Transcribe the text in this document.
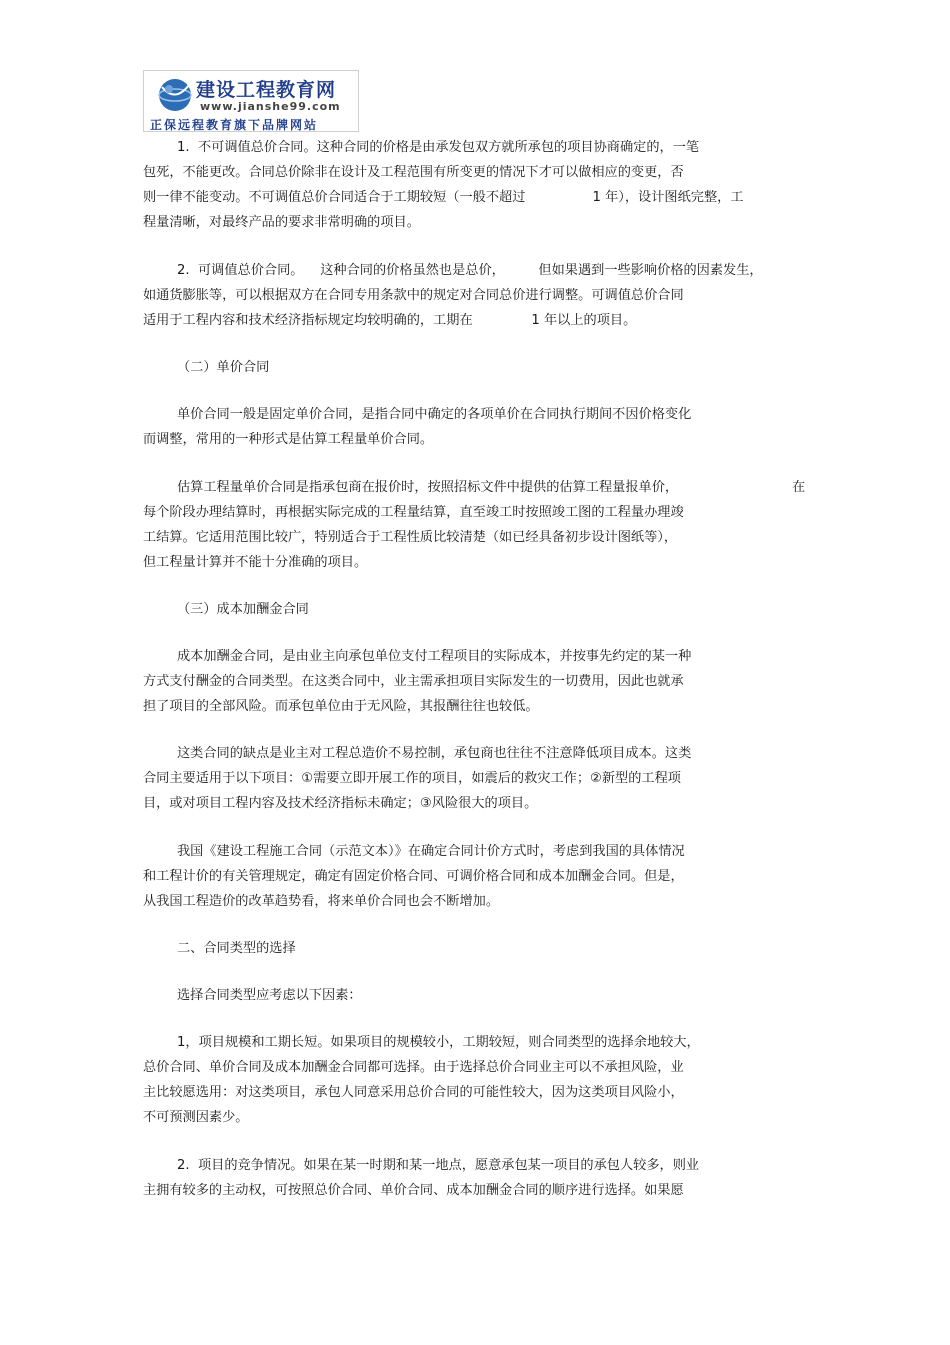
建设工程教育网
www.jianshe99.com
正保远程教育旗下品牌网站
1.  不可调值总价合同。这种合同的价格是由承发包双方就所承包的项目协商确定的，一笔
包死，不能更改。合同总价除非在设计及工程范围有所变更的情况下才可以做相应的变更，否
则一律不能变动。不可调值总价合同适合于工期较短（一般不超过                1 年），设计图纸完整，工
程量清晰，对最终产品的要求非常明确的项目。
2.  可调值总价合同。    这种合同的价格虽然也是总价，        但如果遇到一些影响价格的因素发生，
如通货膨胀等，可以根据双方在合同专用条款中的规定对合同总价进行调整。可调值总价合同
适用于工程内容和技术经济指标规定均较明确的，工期在              1 年以上的项目。
（二）单价合同
单价合同一般是固定单价合同，是指合同中确定的各项单价在合同执行期间不因价格变化
而调整，常用的一种形式是估算工程量单价合同。
估算工程量单价合同是指承包商在报价时，按照招标文件中提供的估算工程量报单价，	在
每个阶段办理结算时，再根据实际完成的工程量结算，直至竣工时按照竣工图的工程量办理竣
工结算。它适用范围比较广，特别适合于工程性质比较清楚（如已经具备初步设计图纸等），
但工程量计算并不能十分准确的项目。
（三）成本加酬金合同
成本加酬金合同，是由业主向承包单位支付工程项目的实际成本，并按事先约定的某一种
方式支付酬金的合同类型。在这类合同中，业主需承担项目实际发生的一切费用，因此也就承
担了项目的全部风险。而承包单位由于无风险，其报酬往往也较低。
这类合同的缺点是业主对工程总造价不易控制，承包商也往往不注意降低项目成本。这类
合同主要适用于以下项目：①需要立即开展工作的项目，如震后的救灾工作；②新型的工程项
目，或对项目工程内容及技术经济指标未确定；③风险很大的项目。
我国《建设工程施工合同（示范文本）》在确定合同计价方式时，考虑到我国的具体情况
和工程计价的有关管理规定，确定有固定价格合同、可调价格合同和成本加酬金合同。但是，
从我国工程造价的改革趋势看，将来单价合同也会不断增加。
二、合同类型的选择
选择合同类型应考虑以下因素：
1，项目规模和工期长短。如果项目的规模较小，工期较短，则合同类型的选择余地较大，
总价合同、单价合同及成本加酬金合同都可选择。由于选择总价合同业主可以不承担风险，业
主比较愿选用：对这类项目，承包人同意采用总价合同的可能性较大，因为这类项目风险小，
不可预测因素少。
2.  项目的竞争情况。如果在某一时期和某一地点，愿意承包某一项目的承包人较多，则业
主拥有较多的主动权，可按照总价合同、单价合同、成本加酬金合同的顺序进行选择。如果愿
